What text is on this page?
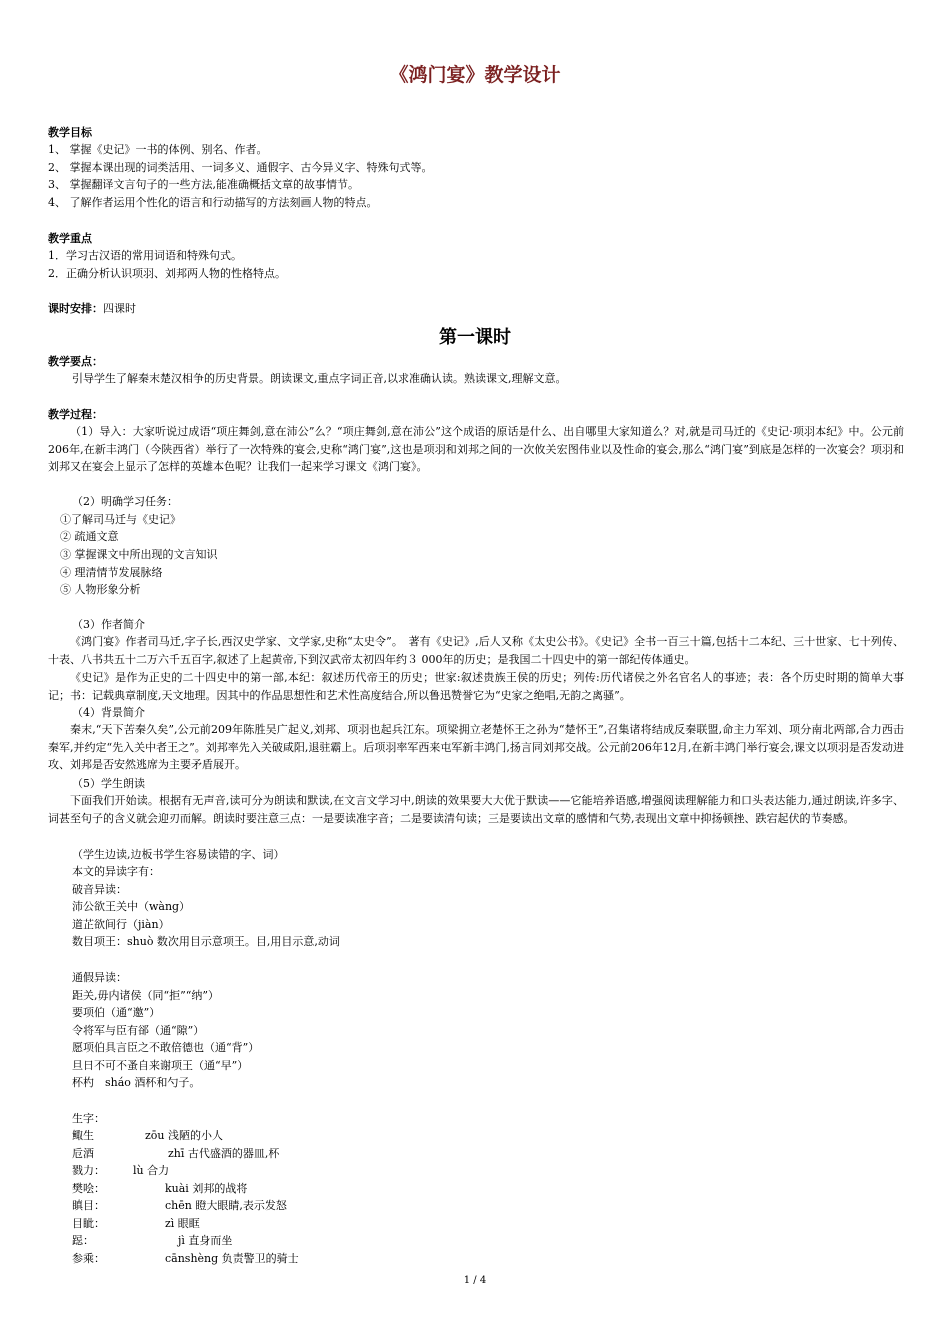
《鸿门宴》教学设计
教学目标
1、 掌握《史记》一书的体例、别名、作者。
2、 掌握本课出现的词类活用、一词多义、通假字、古今异义字、特殊句式等。
3、 掌握翻译文言句子的一些方法,能准确概括文章的故事情节。
4、 了解作者运用个性化的语言和行动描写的方法刻画人物的特点。
教学重点
1．学习古汉语的常用词语和特殊句式。
2．正确分析认识项羽、刘邦两人物的性格特点。
课时安排：四课时
第一课时
教学要点：
引导学生了解秦末楚汉相争的历史背景。朗读课文,重点字词正音,以求准确认读。熟读课文,理解文意。
教学过程：
（1）导入：大家听说过成语“项庄舞剑,意在沛公”么？“项庄舞剑,意在沛公”这个成语的原话是什么、出自哪里大家知道么？对,就是司马迁的《史记·项羽本纪》中。公元前206年,在新丰鸿门（今陕西省）举行了一次特殊的宴会,史称“鸿门宴”,这也是项羽和刘邦之间的一次攸关宏图伟业以及性命的宴会,那么“鸿门宴”到底是怎样的一次宴会？项羽和刘邦又在宴会上显示了怎样的英雄本色呢？让我们一起来学习课文《鸿门宴》。
（2）明确学习任务：
①了解司马迁与《史记》
② 疏通文意
③ 掌握课文中所出现的文言知识
④ 理清情节发展脉络
⑤ 人物形象分析
（3）作者简介
《鸿门宴》作者司马迁,字子长,西汉史学家、文学家,史称“太史令”。　著有《史记》,后人又称《太史公书》。《史记》全书一百三十篇,包括十二本纪、三十世家、七十列传、十表、八书共五十二万六千五百字,叙述了上起黄帝,下到汉武帝太初四年约３ 000年的历史；是我国二十四史中的第一部纪传体通史。
《史记》是作为正史的二十四史中的第一部,本纪：叙述历代帝王的历史；世家:叙述贵族王侯的历史；列传:历代诸侯之外名官名人的事迹；表：各个历史时期的简单大事记；书：记载典章制度,天文地理。因其中的作品思想性和艺术性高度结合,所以鲁迅赞誉它为“史家之绝唱,无韵之离骚”。
（4）背景简介
秦末,“天下苦秦久矣”,公元前209年陈胜吴广起义,刘邦、项羽也起兵江东。项梁拥立老楚怀王之孙为“楚怀王”,召集诸将结成反秦联盟,命主力军刘、项分南北两部,合力西击秦军,并约定“先入关中者王之”。刘邦率先入关破咸阳,退驻霸上。后项羽率军西来屯军新丰鸿门,扬言同刘邦交战。公元前206年12月,在新丰鸿门举行宴会,课文以项羽是否发动进攻、刘邦是否安然逃席为主要矛盾展开。
（5）学生朗读
下面我们开始读。根据有无声音,读可分为朗读和默读,在文言文学习中,朗读的效果要大大优于默读——它能培养语感,增强阅读理解能力和口头表达能力,通过朗读,许多字、词甚至句子的含义就会迎刃而解。朗读时要注意三点：一是要读准字音；二是要读清句读；三是要读出文章的感情和气势,表现出文章中抑扬顿挫、跌宕起伏的节奏感。
（学生边读,边板书学生容易读错的字、词）
本文的异读字有：
破音异读：
沛公欲王关中（wàng）
道芷欲间行（jiàn）
数目项王：shuò 数次用目示意项王。目,用目示意,动词
通假异读：
距关,毋内诸侯（同“拒”“纳”）
要项伯（通“邀”）
令将军与臣有郤（通“隙”）
愿项伯具言臣之不敢倍德也（通“背”）
旦日不可不蚤自来谢项王（通“早”）
杯杓　sháo 酒杯和勺子。
生字：
鲰生	zōu 浅陋的小人
卮酒	zhī 古代盛酒的器皿,杯
戮力：	lù 合力
樊哙：	kuài 刘邦的战将
瞋目：	chēn 瞪大眼睛,表示发怒
目眦：	zì 眼眶
跽：	jì 直身而坐
参乘：	cānshèng 负责警卫的骑士
1 / 4
